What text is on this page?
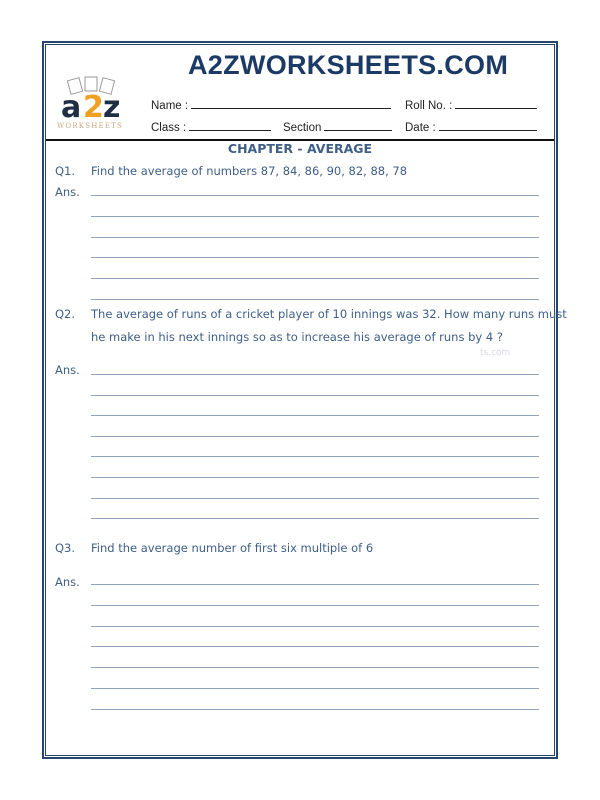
A2ZWORKSHEETS.COM
a 2 z
WORKSHEETS
Name :	Roll No. :
Class :	Section	Date :
CHAPTER - AVERAGE
ts.com
Q1. Find the average of numbers 87, 84, 86, 90, 82, 88, 78
Ans.
Q2. The average of runs of a cricket player of 10 innings was 32. How many runs must
he make in his next innings so as to increase his average of runs by 4 ?
Ans.
Q3. Find the average number of first six multiple of 6
Ans.
